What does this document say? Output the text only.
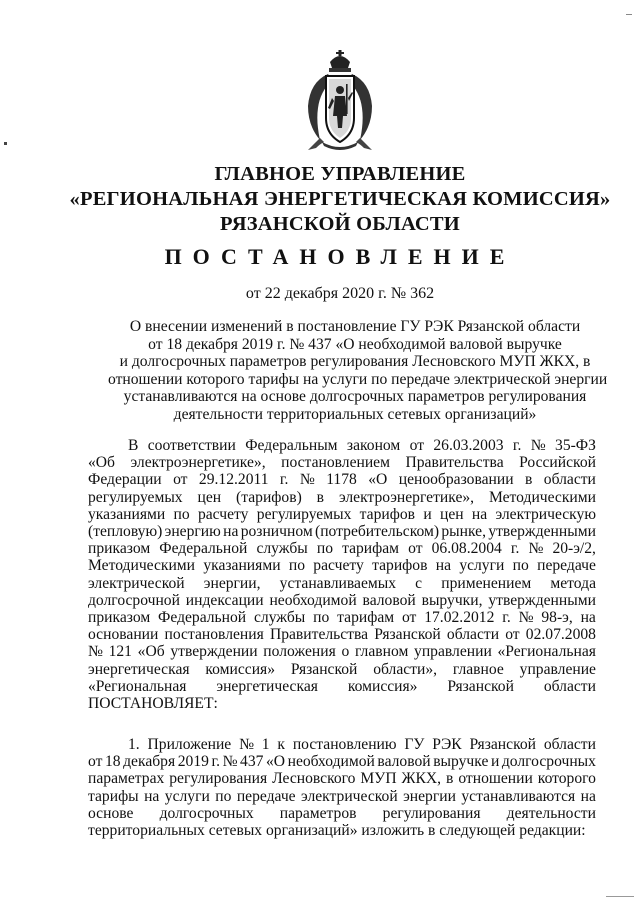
ГЛАВНОЕ УПРАВЛЕНИЕ
«РЕГИОНАЛЬНАЯ ЭНЕРГЕТИЧЕСКАЯ КОМИССИЯ»
РЯЗАНСКОЙ ОБЛАСТИ
ПОСТАНОВЛЕНИЕ
от 22 декабря 2020 г. № 362
О внесении изменений в постановление ГУ РЭК Рязанской области
от 18 декабря 2019 г. № 437 «О необходимой валовой выручке
и долгосрочных параметров регулирования Лесновского МУП ЖКХ, в
отношении которого тарифы на услуги по передаче электрической энергии
устанавливаются на основе долгосрочных параметров регулирования
деятельности территориальных сетевых организаций»
В соответствии Федеральным законом от 26.03.2003 г. № 35-ФЗ
«Об электроэнергетике», постановлением Правительства Российской
Федерации от 29.12.2011 г. № 1178 «О ценообразовании в области
регулируемых цен (тарифов) в электроэнергетике», Методическими
указаниями по расчету регулируемых тарифов и цен на электрическую
(тепловую) энергию на розничном (потребительском) рынке, утвержденными
приказом Федеральной службы по тарифам от 06.08.2004 г. № 20-э/2,
Методическими указаниями по расчету тарифов на услуги по передаче
электрической энергии, устанавливаемых с применением метода
долгосрочной индексации необходимой валовой выручки, утвержденными
приказом Федеральной службы по тарифам от 17.02.2012 г. № 98-э, на
основании постановления Правительства Рязанской области от 02.07.2008
№ 121 «Об утверждении положения о главном управлении «Региональная
энергетическая комиссия» Рязанской области», главное управление
«Региональная энергетическая комиссия» Рязанской области
ПОСТАНОВЛЯЕТ:
1. Приложение № 1 к постановлению ГУ РЭК Рязанской области
от 18 декабря 2019 г. № 437 «О необходимой валовой выручке и долгосрочных
параметрах регулирования Лесновского МУП ЖКХ, в отношении которого
тарифы на услуги по передаче электрической энергии устанавливаются на
основе долгосрочных параметров регулирования деятельности
территориальных сетевых организаций» изложить в следующей редакции:
